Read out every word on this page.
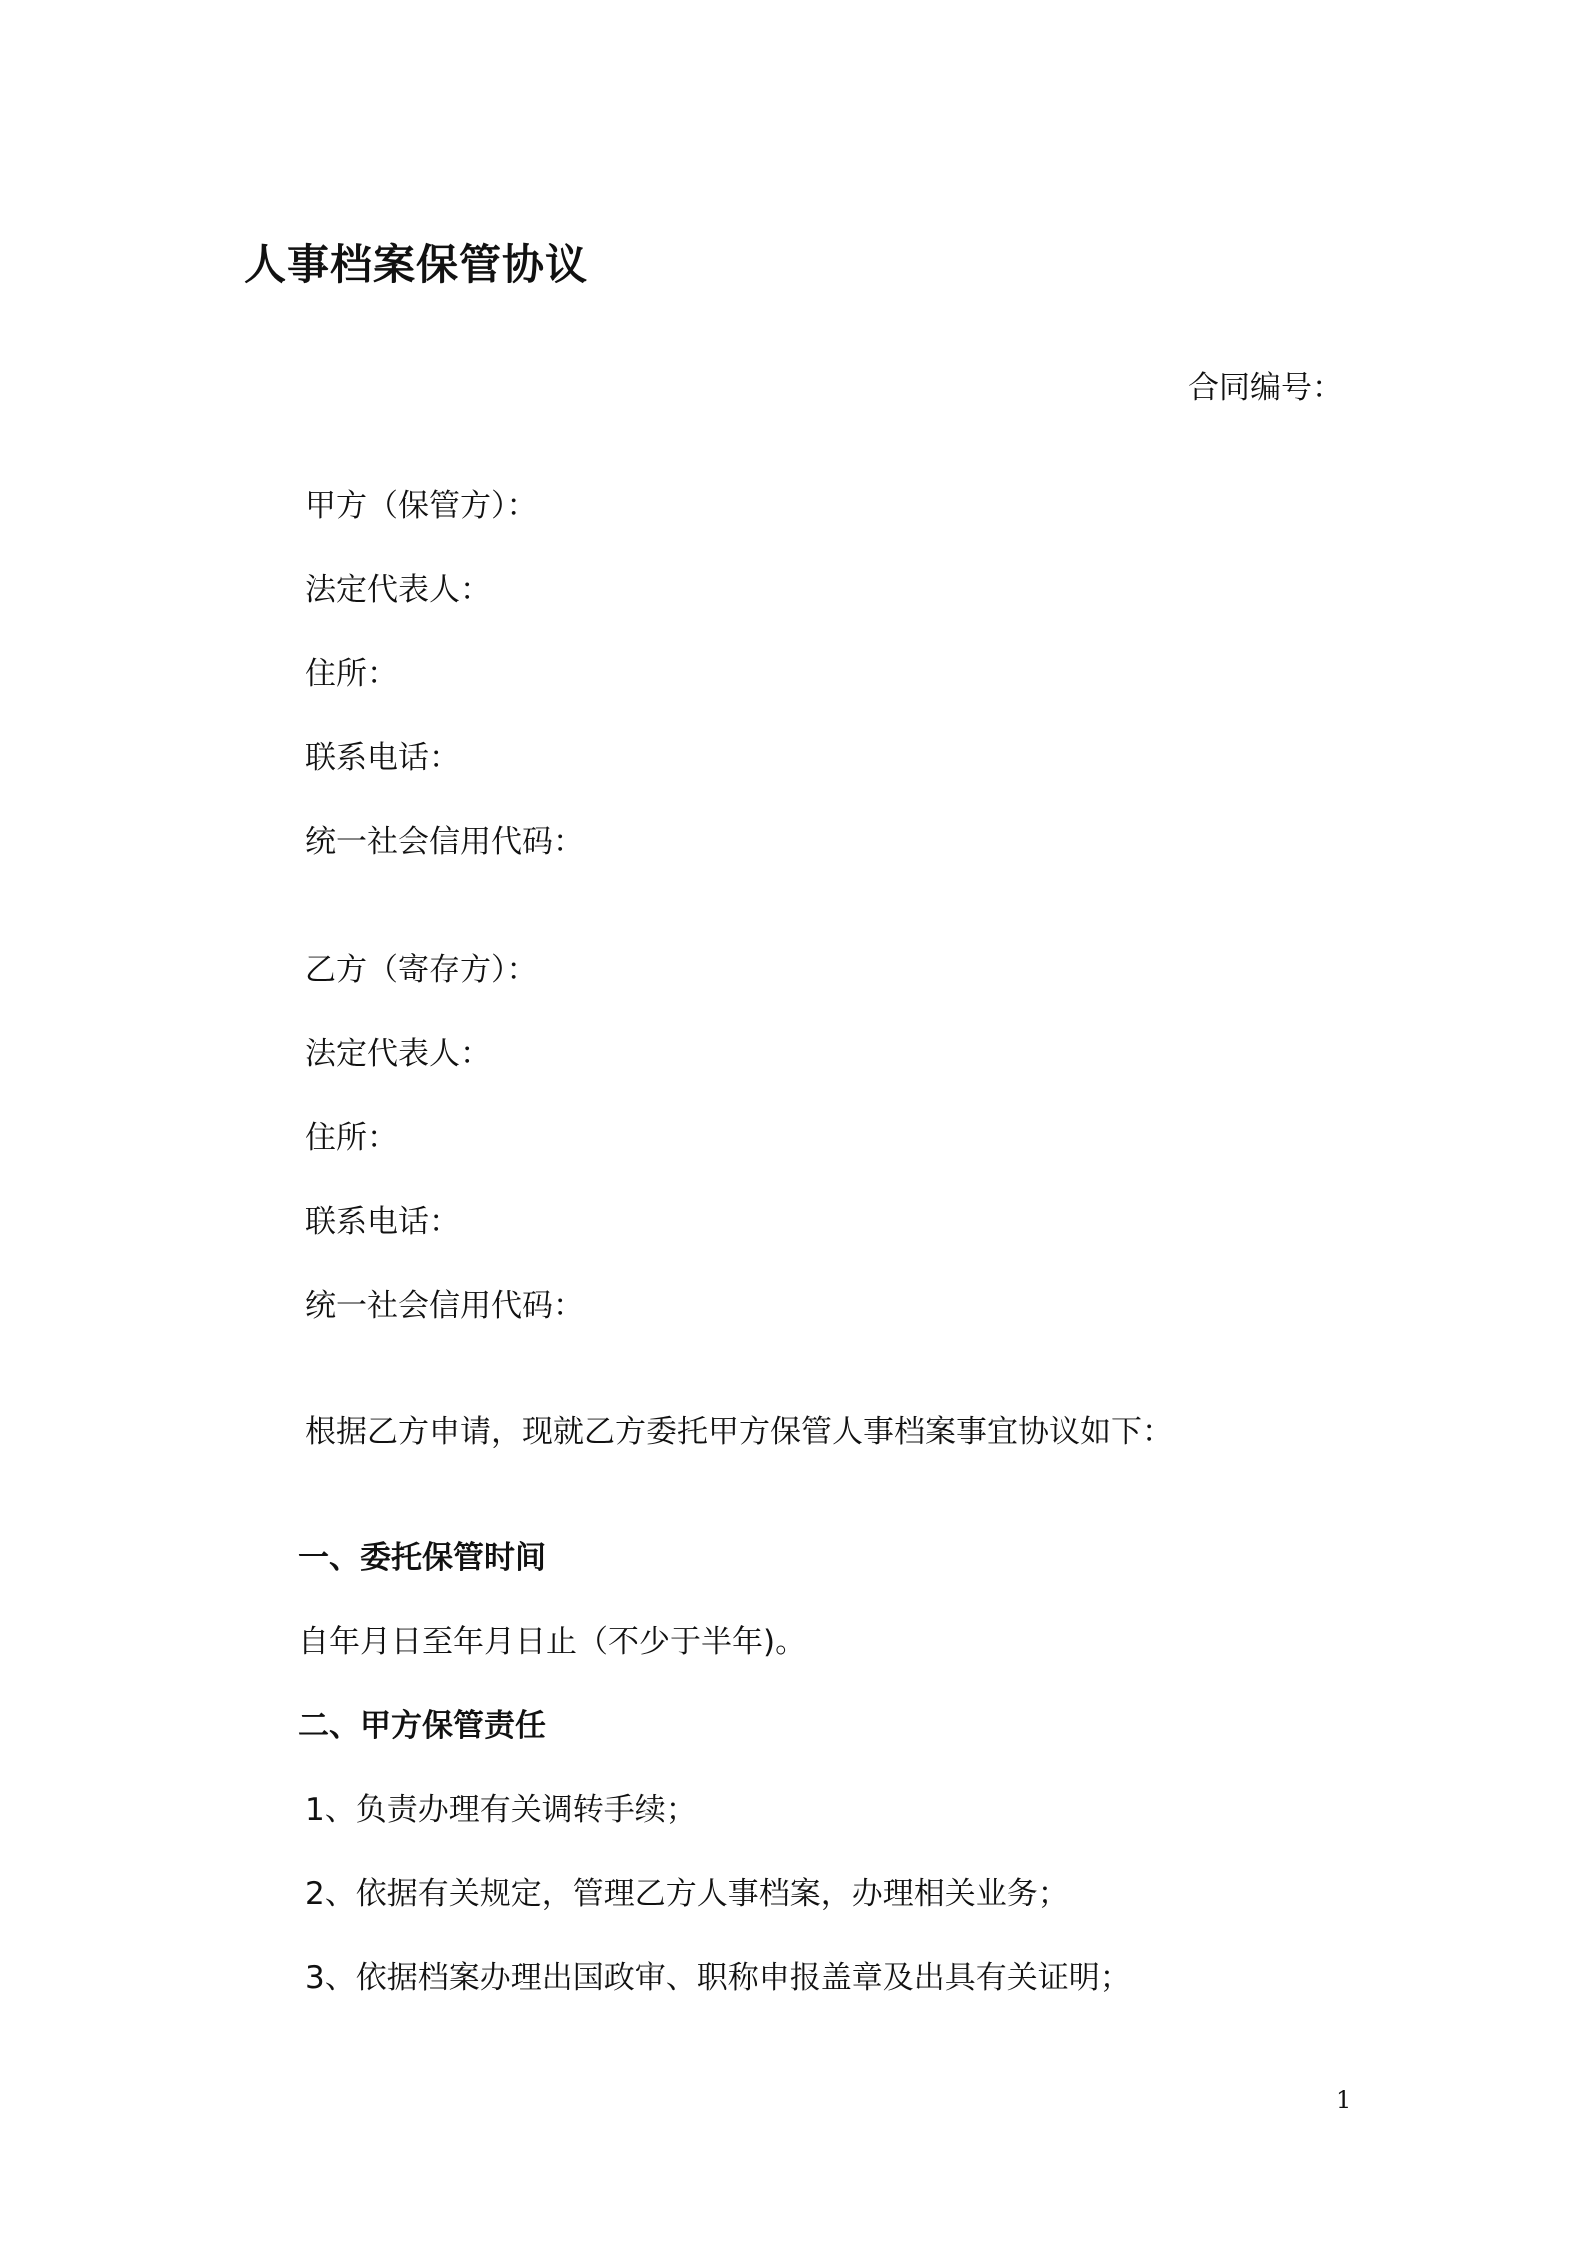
人事档案保管协议
合同编号：
甲方（保管方）：
法定代表人：
住所：
联系电话：
统一社会信用代码：
乙方（寄存方）：
法定代表人：
住所：
联系电话：
统一社会信用代码：
根据乙方申请，现就乙方委托甲方保管人事档案事宜协议如下：
一、委托保管时间
自年月日至年月日止（不少于半年)。
二、甲方保管责任
1、负责办理有关调转手续；
2、依据有关规定，管理乙方人事档案，办理相关业务；
3、依据档案办理出国政审、职称申报盖章及出具有关证明；
1
